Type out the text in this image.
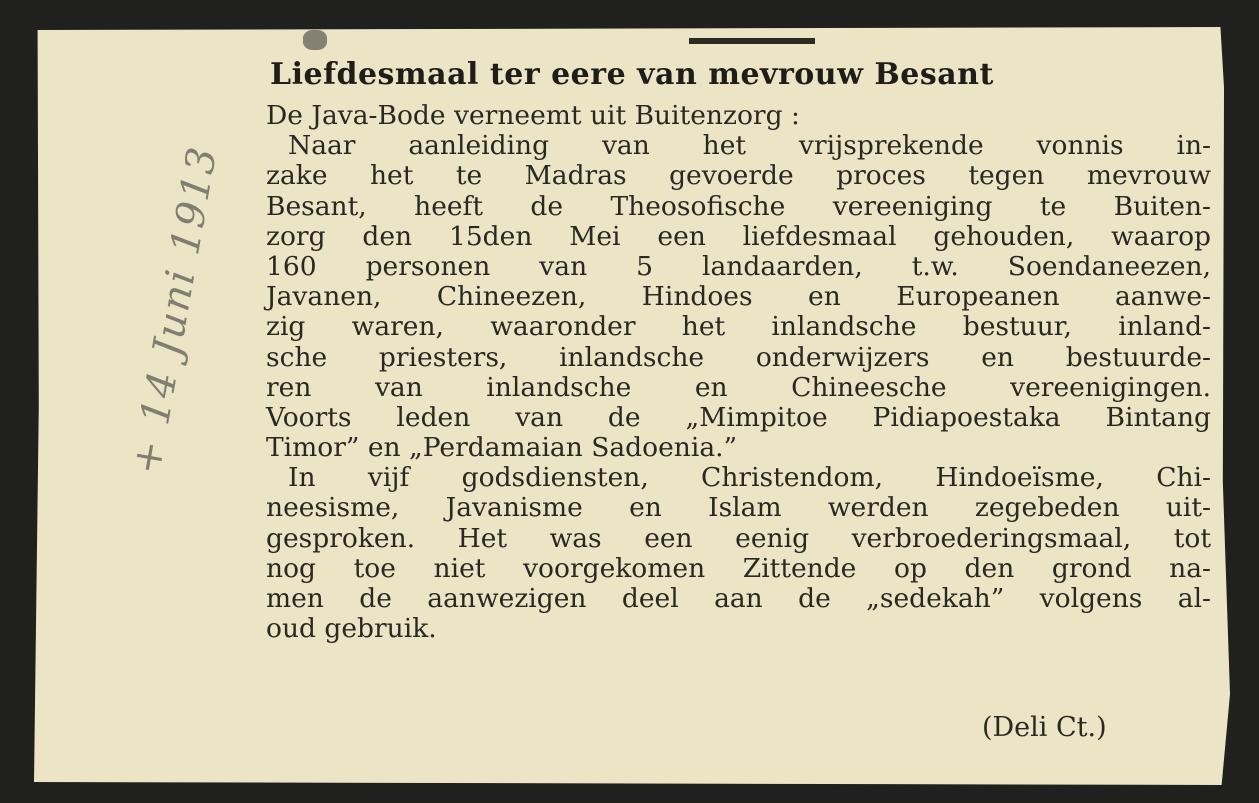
Liefdesmaal ter eere van mevrouw Besant
De Java-Bode verneemt uit Buitenzorg :
Naar aanleiding van het vrijsprekende vonnis in-
zake het te Madras gevoerde proces tegen mevrouw
Besant, heeft de Theosofische vereeniging te Buiten-
zorg den 15den Mei een liefdesmaal gehouden, waarop
160 personen van 5 landaarden, t.w. Soendaneezen,
Javanen, Chineezen, Hindoes en Europeanen aanwe-
zig waren, waaronder het inlandsche bestuur, inland-
sche priesters, inlandsche onderwijzers en bestuurde-
ren van inlandsche en Chineesche vereenigingen.
Voorts leden van de „Mimpitoe Pidiapoestaka Bintang
Timor” en „Perdamaian Sadoenia.”
In vijf godsdiensten, Christendom, Hindoeïsme, Chi-
neesisme, Javanisme en Islam werden zegebeden uit-
gesproken. Het was een eenig verbroederingsmaal, tot
nog toe niet voorgekomen Zittende op den grond na-
men de aanwezigen deel aan de „sedekah” volgens al-
oud gebruik.
(Deli Ct.)
+ 14 Juni 1913
